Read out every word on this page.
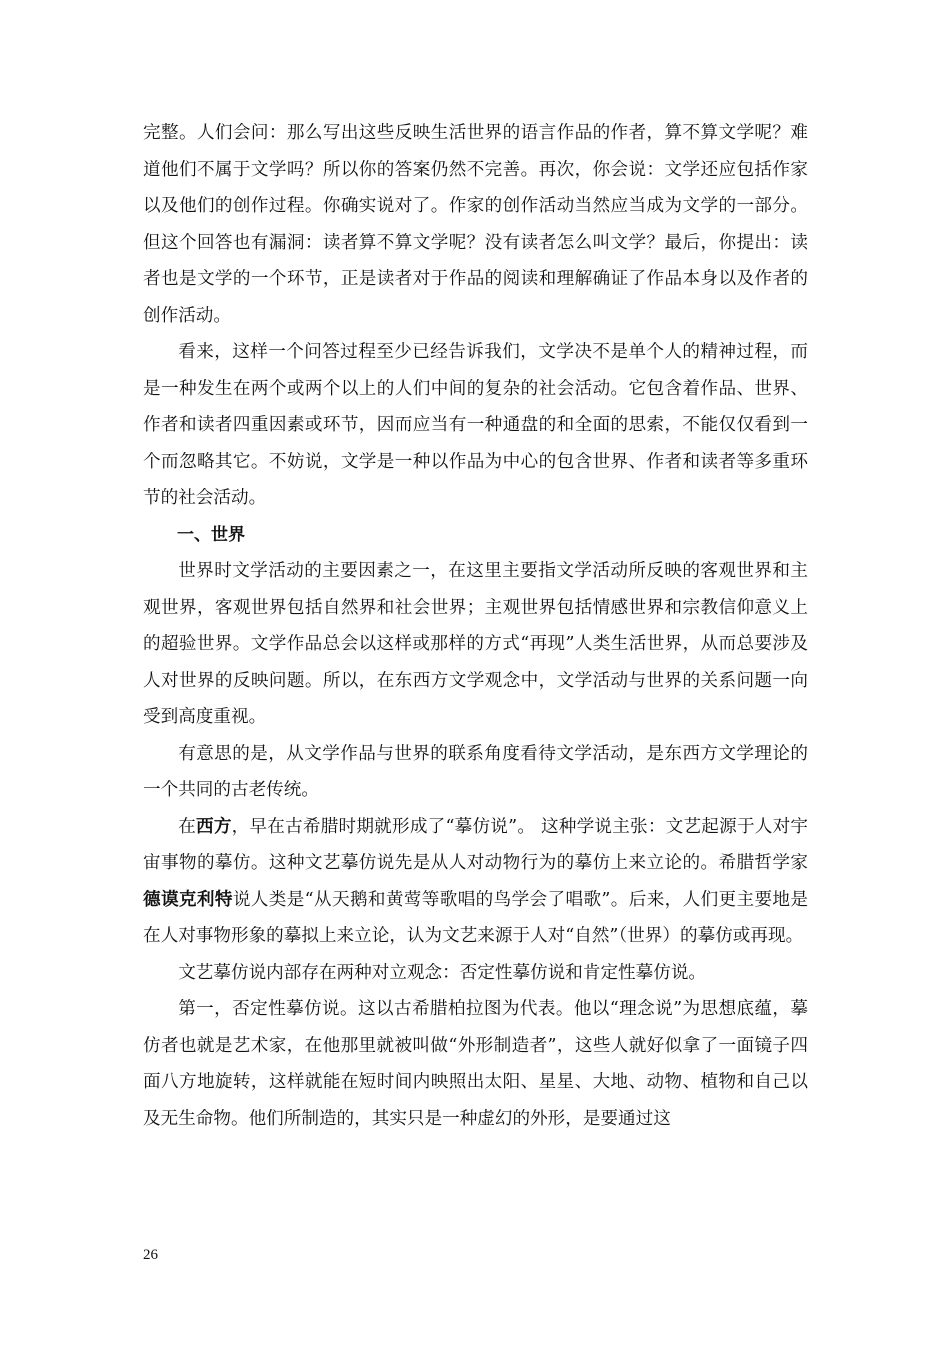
完整。人们会问：那么写出这些反映生活世界的语言作品的作者，算不算文学呢？难道他们不属于文学吗？所以你的答案仍然不完善。再次，你会说：文学还应包括作家以及他们的创作过程。你确实说对了。作家的创作活动当然应当成为文学的一部分。但这个回答也有漏洞：读者算不算文学呢？没有读者怎么叫文学？最后，你提出：读者也是文学的一个环节，正是读者对于作品的阅读和理解确证了作品本身以及作者的创作活动。

看来，这样一个问答过程至少已经告诉我们，文学决不是单个人的精神过程，而是一种发生在两个或两个以上的人们中间的复杂的社会活动。它包含着作品、世界、作者和读者四重因素或环节，因而应当有一种通盘的和全面的思索，不能仅仅看到一个而忽略其它。不妨说，文学是一种以作品为中心的包含世界、作者和读者等多重环节的社会活动。

一、世界

世界时文学活动的主要因素之一，在这里主要指文学活动所反映的客观世界和主观世界，客观世界包括自然界和社会世界；主观世界包括情感世界和宗教信仰意义上的超验世界。文学作品总会以这样或那样的方式“再现”人类生活世界，从而总要涉及人对世界的反映问题。所以，在东西方文学观念中，文学活动与世界的关系问题一向受到高度重视。

有意思的是，从文学作品与世界的联系角度看待文学活动，是东西方文学理论的一个共同的古老传统。

在西方，早在古希腊时期就形成了“摹仿说”。 这种学说主张：文艺起源于人对宇宙事物的摹仿。这种文艺摹仿说先是从人对动物行为的摹仿上来立论的。希腊哲学家德谟克利特说人类是“从天鹅和黄莺等歌唱的鸟学会了唱歌”。后来，人们更主要地是在人对事物形象的摹拟上来立论，认为文艺来源于人对“自然”（世界）的摹仿或再现。

文艺摹仿说内部存在两种对立观念：否定性摹仿说和肯定性摹仿说。

第一，否定性摹仿说。这以古希腊柏拉图为代表。他以“理念说”为思想底蕴，摹仿者也就是艺术家，在他那里就被叫做“外形制造者”，这些人就好似拿了一面镜子四面八方地旋转，这样就能在短时间内映照出太阳、星星、大地、动物、植物和自己以及无生命物。他们所制造的，其实只是一种虚幻的外形，是要通过这

26
